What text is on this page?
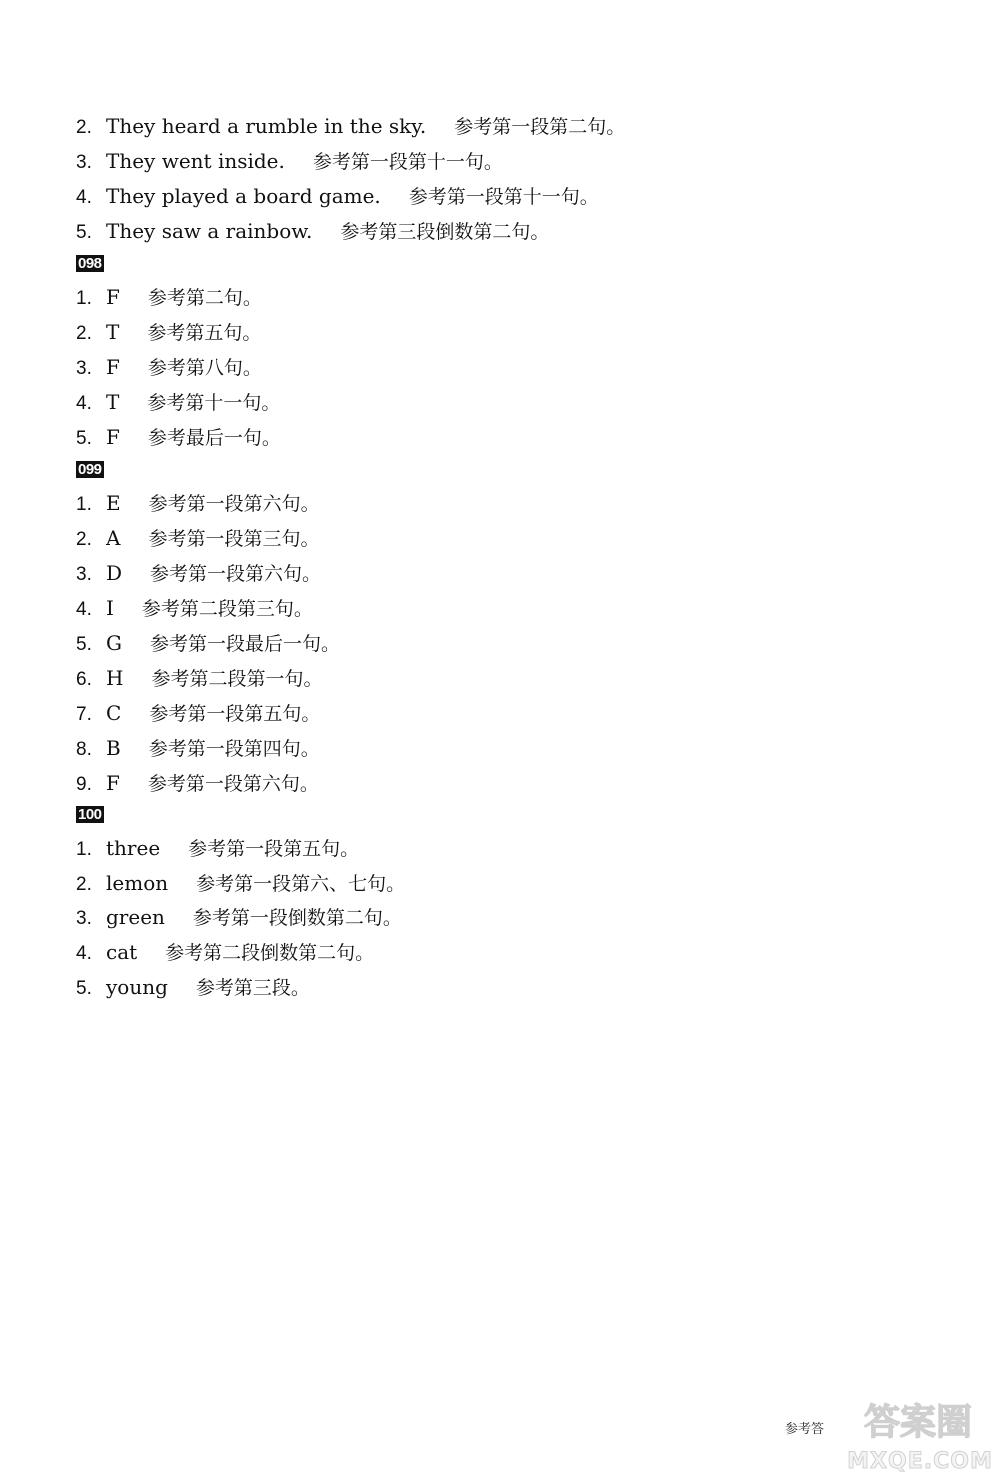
2. They heard a rumble in the sky. 参考第一段第二句。
3. They went inside. 参考第一段第十一句。
4. They played a board game. 参考第一段第十一句。
5. They saw a rainbow. 参考第三段倒数第二句。
098
1. F 参考第二句。
2. T 参考第五句。
3. F 参考第八句。
4. T 参考第十一句。
5. F 参考最后一句。
099
1. E 参考第一段第六句。
2. A 参考第一段第三句。
3. D 参考第一段第六句。
4. I 参考第二段第三句。
5. G 参考第一段最后一句。
6. H 参考第二段第一句。
7. C 参考第一段第五句。
8. B 参考第一段第四句。
9. F 参考第一段第六句。
100
1. three 参考第一段第五句。
2. lemon 参考第一段第六、七句。
3. green 参考第一段倒数第二句。
4. cat 参考第二段倒数第二句。
5. young 参考第三段。
参考答 答案圈
MXQE.COM
